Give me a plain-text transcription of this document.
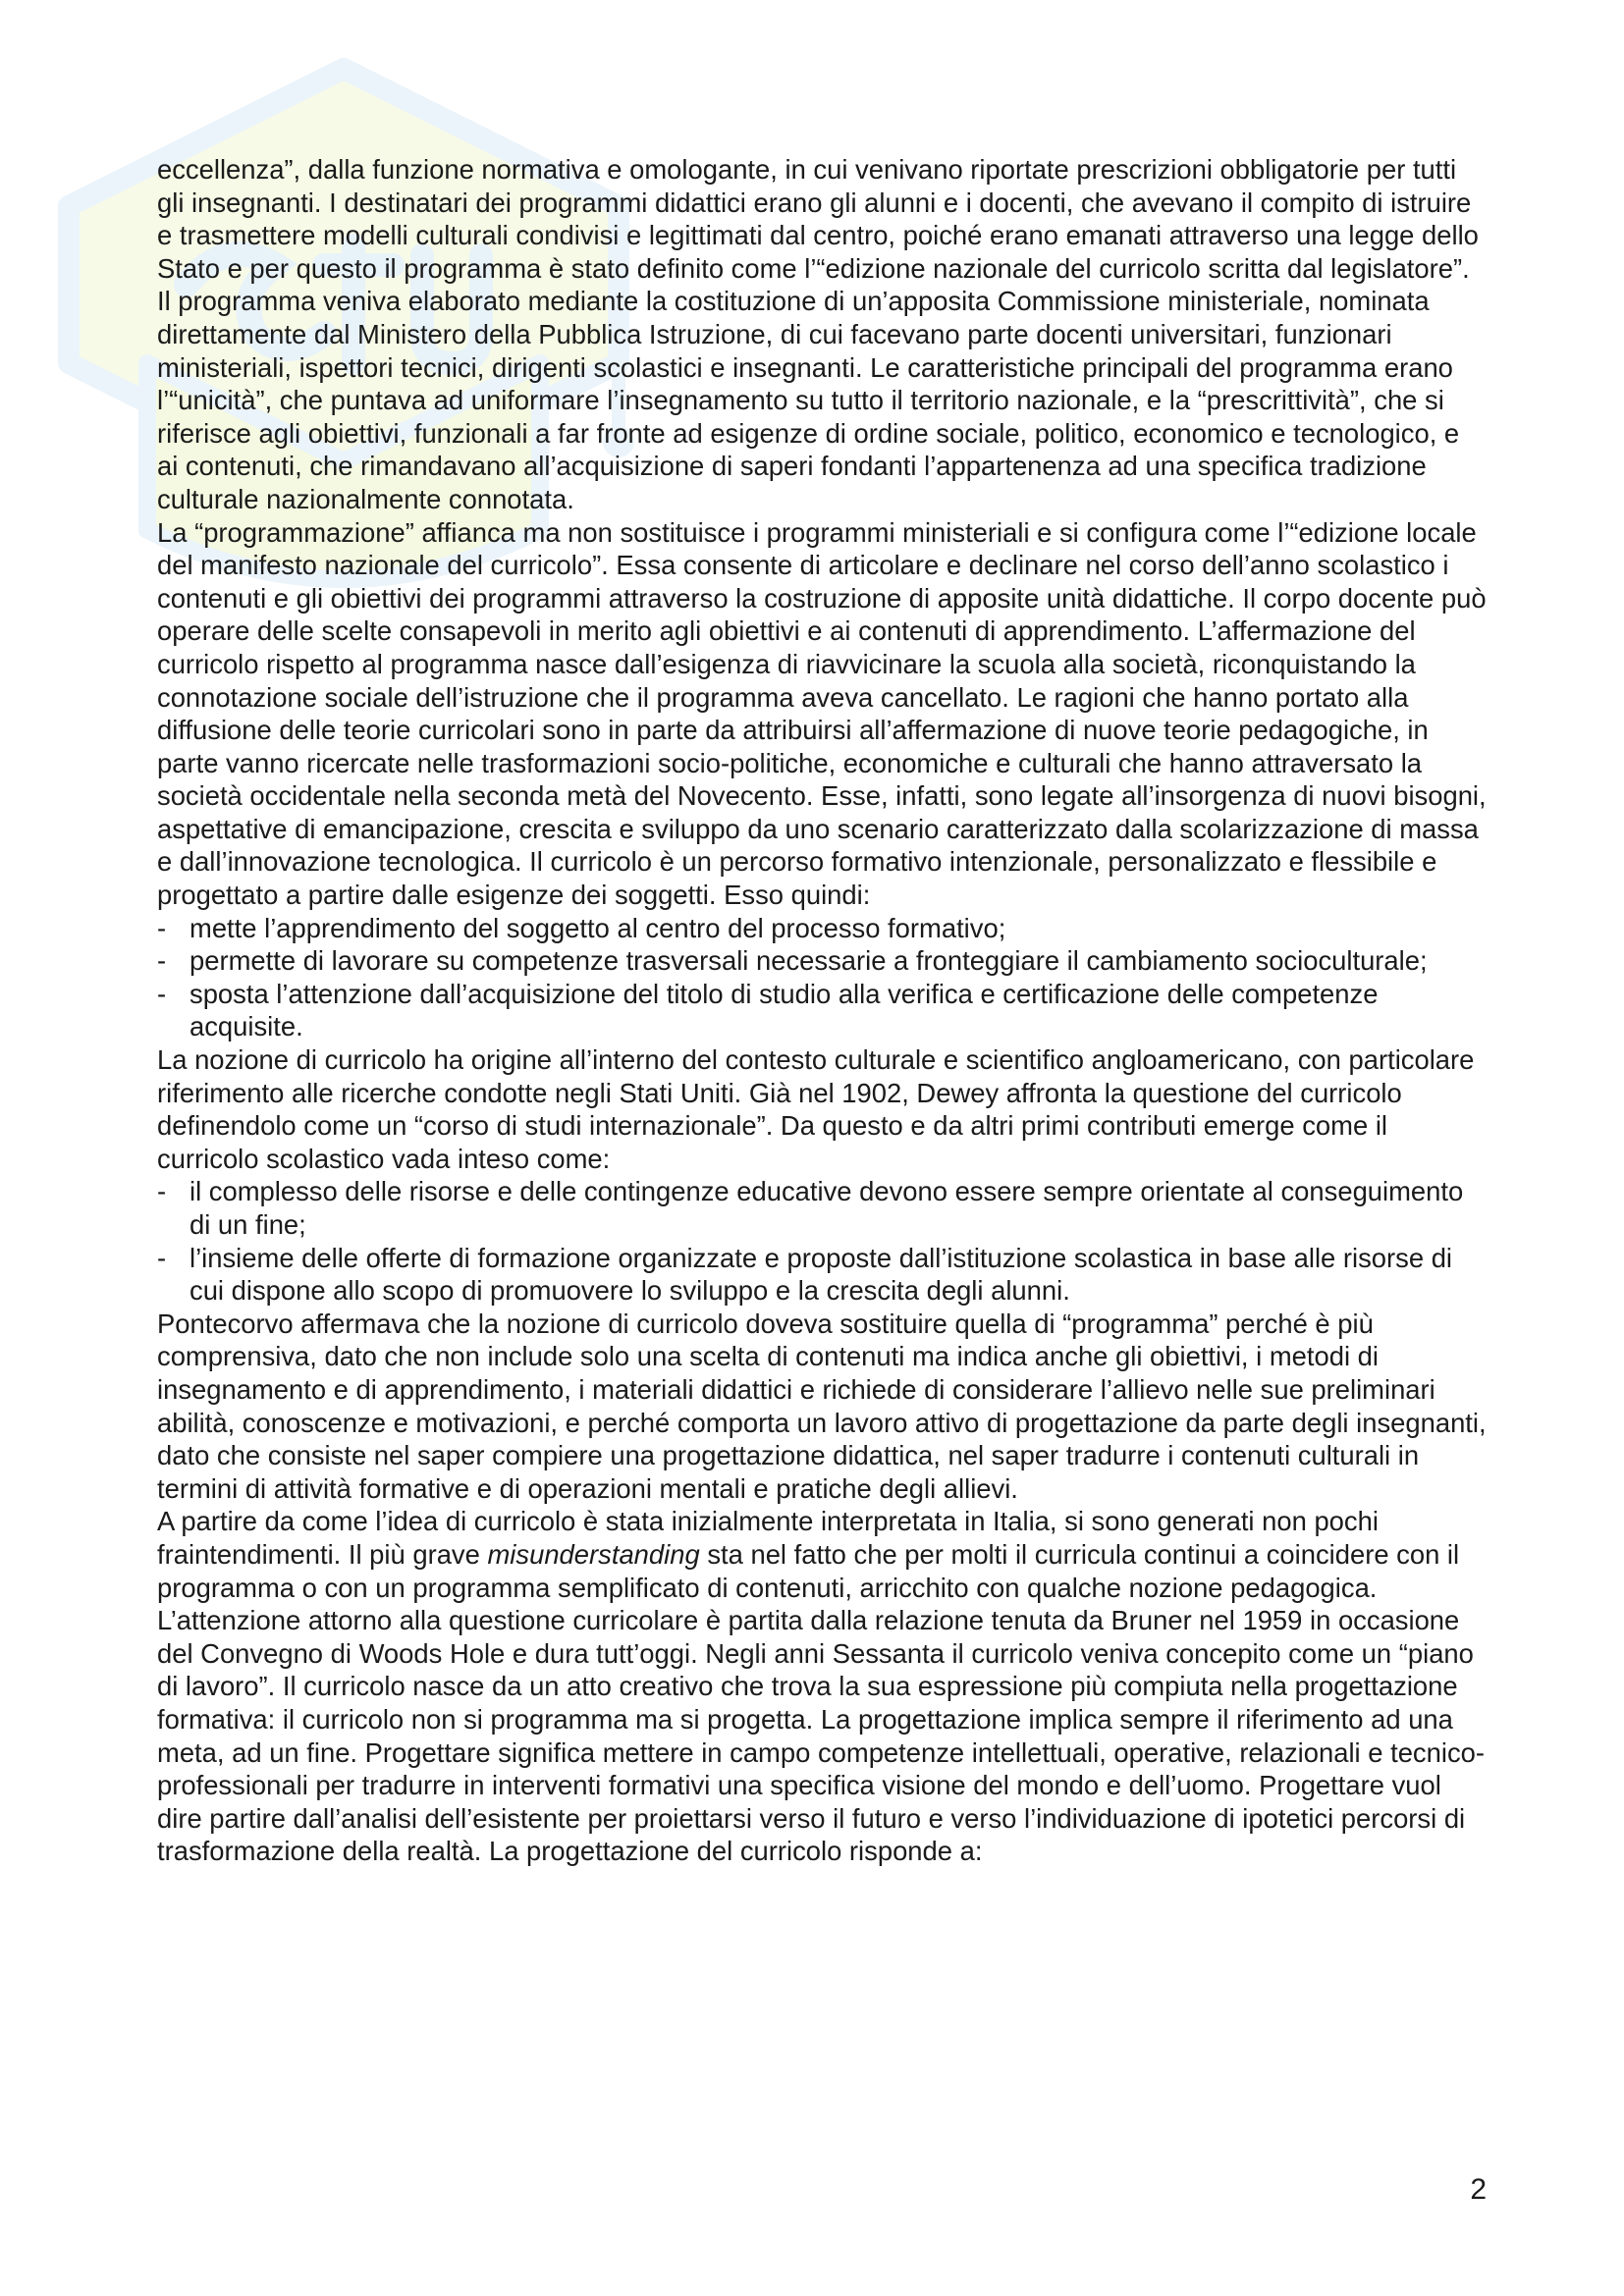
eccellenza”, dalla funzione normativa e omologante, in cui venivano riportate prescrizioni obbligatorie per tutti gli insegnanti. I destinatari dei programmi didattici erano gli alunni e i docenti, che avevano il compito di istruire e trasmettere modelli culturali condivisi e legittimati dal centro, poiché erano emanati attraverso una legge dello Stato e per questo il programma è stato definito come l’“edizione nazionale del curricolo scritta dal legislatore”. Il programma veniva elaborato mediante la costituzione di un’apposita Commissione ministeriale, nominata direttamente dal Ministero della Pubblica Istruzione, di cui facevano parte docenti universitari, funzionari ministeriali, ispettori tecnici, dirigenti scolastici e insegnanti. Le caratteristiche principali del programma erano l’“unicità”, che puntava ad uniformare l’insegnamento su tutto il territorio nazionale, e la “prescrittività”, che si riferisce agli obiettivi, funzionali a far fronte ad esigenze di ordine sociale, politico, economico e tecnologico, e ai contenuti, che rimandavano all’acquisizione di saperi fondanti l’appartenenza ad una specifica tradizione culturale nazionalmente connotata.

La “programmazione” affianca ma non sostituisce i programmi ministeriali e si configura come l’“edizione locale del manifesto nazionale del curricolo”. Essa consente di articolare e declinare nel corso dell’anno scolastico i contenuti e gli obiettivi dei programmi attraverso la costruzione di apposite unità didattiche. Il corpo docente può operare delle scelte consapevoli in merito agli obiettivi e ai contenuti di apprendimento. L’affermazione del curricolo rispetto al programma nasce dall’esigenza di riavvicinare la scuola alla società, riconquistando la connotazione sociale dell’istruzione che il programma aveva cancellato. Le ragioni che hanno portato alla diffusione delle teorie curricolari sono in parte da attribuirsi all’affermazione di nuove teorie pedagogiche, in parte vanno ricercate nelle trasformazioni socio-politiche, economiche e culturali che hanno attraversato la società occidentale nella seconda metà del Novecento. Esse, infatti, sono legate all’insorgenza di nuovi bisogni, aspettative di emancipazione, crescita e sviluppo da uno scenario caratterizzato dalla scolarizzazione di massa e dall’innovazione tecnologica. Il curricolo è un percorso formativo intenzionale, personalizzato e flessibile e progettato a partire dalle esigenze dei soggetti. Esso quindi:

- mette l’apprendimento del soggetto al centro del processo formativo;
- permette di lavorare su competenze trasversali necessarie a fronteggiare il cambiamento socioculturale;
- sposta l’attenzione dall’acquisizione del titolo di studio alla verifica e certificazione delle competenze acquisite.

La nozione di curricolo ha origine all’interno del contesto culturale e scientifico angloamericano, con particolare riferimento alle ricerche condotte negli Stati Uniti. Già nel 1902, Dewey affronta la questione del curricolo definendolo come un “corso di studi internazionale”. Da questo e da altri primi contributi emerge come il curricolo scolastico vada inteso come:

- il complesso delle risorse e delle contingenze educative devono essere sempre orientate al conseguimento di un fine;
- l’insieme delle offerte di formazione organizzate e proposte dall’istituzione scolastica in base alle risorse di cui dispone allo scopo di promuovere lo sviluppo e la crescita degli alunni.

Pontecorvo affermava che la nozione di curricolo doveva sostituire quella di “programma” perché è più comprensiva, dato che non include solo una scelta di contenuti ma indica anche gli obiettivi, i metodi di insegnamento e di apprendimento, i materiali didattici e richiede di considerare l’allievo nelle sue preliminari abilità, conoscenze e motivazioni, e perché comporta un lavoro attivo di progettazione da parte degli insegnanti, dato che consiste nel saper compiere una progettazione didattica, nel saper tradurre i contenuti culturali in termini di attività formative e di operazioni mentali e pratiche degli allievi.

A partire da come l’idea di curricolo è stata inizialmente interpretata in Italia, si sono generati non pochi fraintendimenti. Il più grave misunderstanding sta nel fatto che per molti il curricula continui a coincidere con il programma o con un programma semplificato di contenuti, arricchito con qualche nozione pedagogica. L’attenzione attorno alla questione curricolare è partita dalla relazione tenuta da Bruner nel 1959 in occasione del Convegno di Woods Hole e dura tutt’oggi. Negli anni Sessanta il curricolo veniva concepito come un “piano di lavoro”. Il curricolo nasce da un atto creativo che trova la sua espressione più compiuta nella progettazione formativa: il curricolo non si programma ma si progetta. La progettazione implica sempre il riferimento ad una meta, ad un fine. Progettare significa mettere in campo competenze intellettuali, operative, relazionali e tecnico-professionali per tradurre in interventi formativi una specifica visione del mondo e dell’uomo. Progettare vuol dire partire dall’analisi dell’esistente per proiettarsi verso il futuro e verso l’individuazione di ipotetici percorsi di trasformazione della realtà. La progettazione del curricolo risponde a:

2
